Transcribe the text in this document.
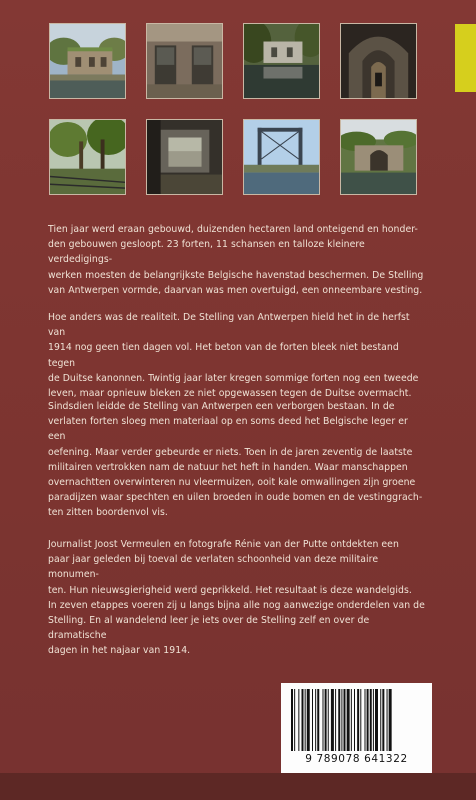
Tien jaar werd eraan gebouwd, duizenden hectaren land onteigend en honder-
den gebouwen gesloopt. 23 forten, 11 schansen en talloze kleinere verdedigings-
werken moesten de belangrijkste Belgische havenstad beschermen. De Stelling
van Antwerpen vormde, daarvan was men overtuigd, een onneembare vesting.

Hoe anders was de realiteit. De Stelling van Antwerpen hield het in de herfst van
1914 nog geen tien dagen vol. Het beton van de forten bleek niet bestand tegen
de Duitse kanonnen. Twintig jaar later kregen sommige forten nog een tweede
leven, maar opnieuw bleken ze niet opgewassen tegen de Duitse overmacht.

Sindsdien leidde de Stelling van Antwerpen een verborgen bestaan. In de
verlaten forten sloeg men materiaal op en soms deed het Belgische leger er een
oefening. Maar verder gebeurde er niets. Toen in de jaren zeventig de laatste
militairen vertrokken nam de natuur het heft in handen. Waar manschappen
overnachtten overwinteren nu vleermuizen, ooit kale omwallingen zijn groene
paradijzen waar spechten en uilen broeden in oude bomen en de vestinggrach-
ten zitten boordenvol vis.

Journalist Joost Vermeulen en fotografe Rénie van der Putte ontdekten een
paar jaar geleden bij toeval de verlaten schoonheid van deze militaire monumen-
ten. Hun nieuwsgierigheid werd geprikkeld. Het resultaat is deze wandelgids.
In zeven etappes voeren zij u langs bijna alle nog aanwezige onderdelen van de
Stelling. En al wandelend leer je iets over de Stelling zelf en over de dramatische
dagen in het najaar van 1914.

9 789078 641322
